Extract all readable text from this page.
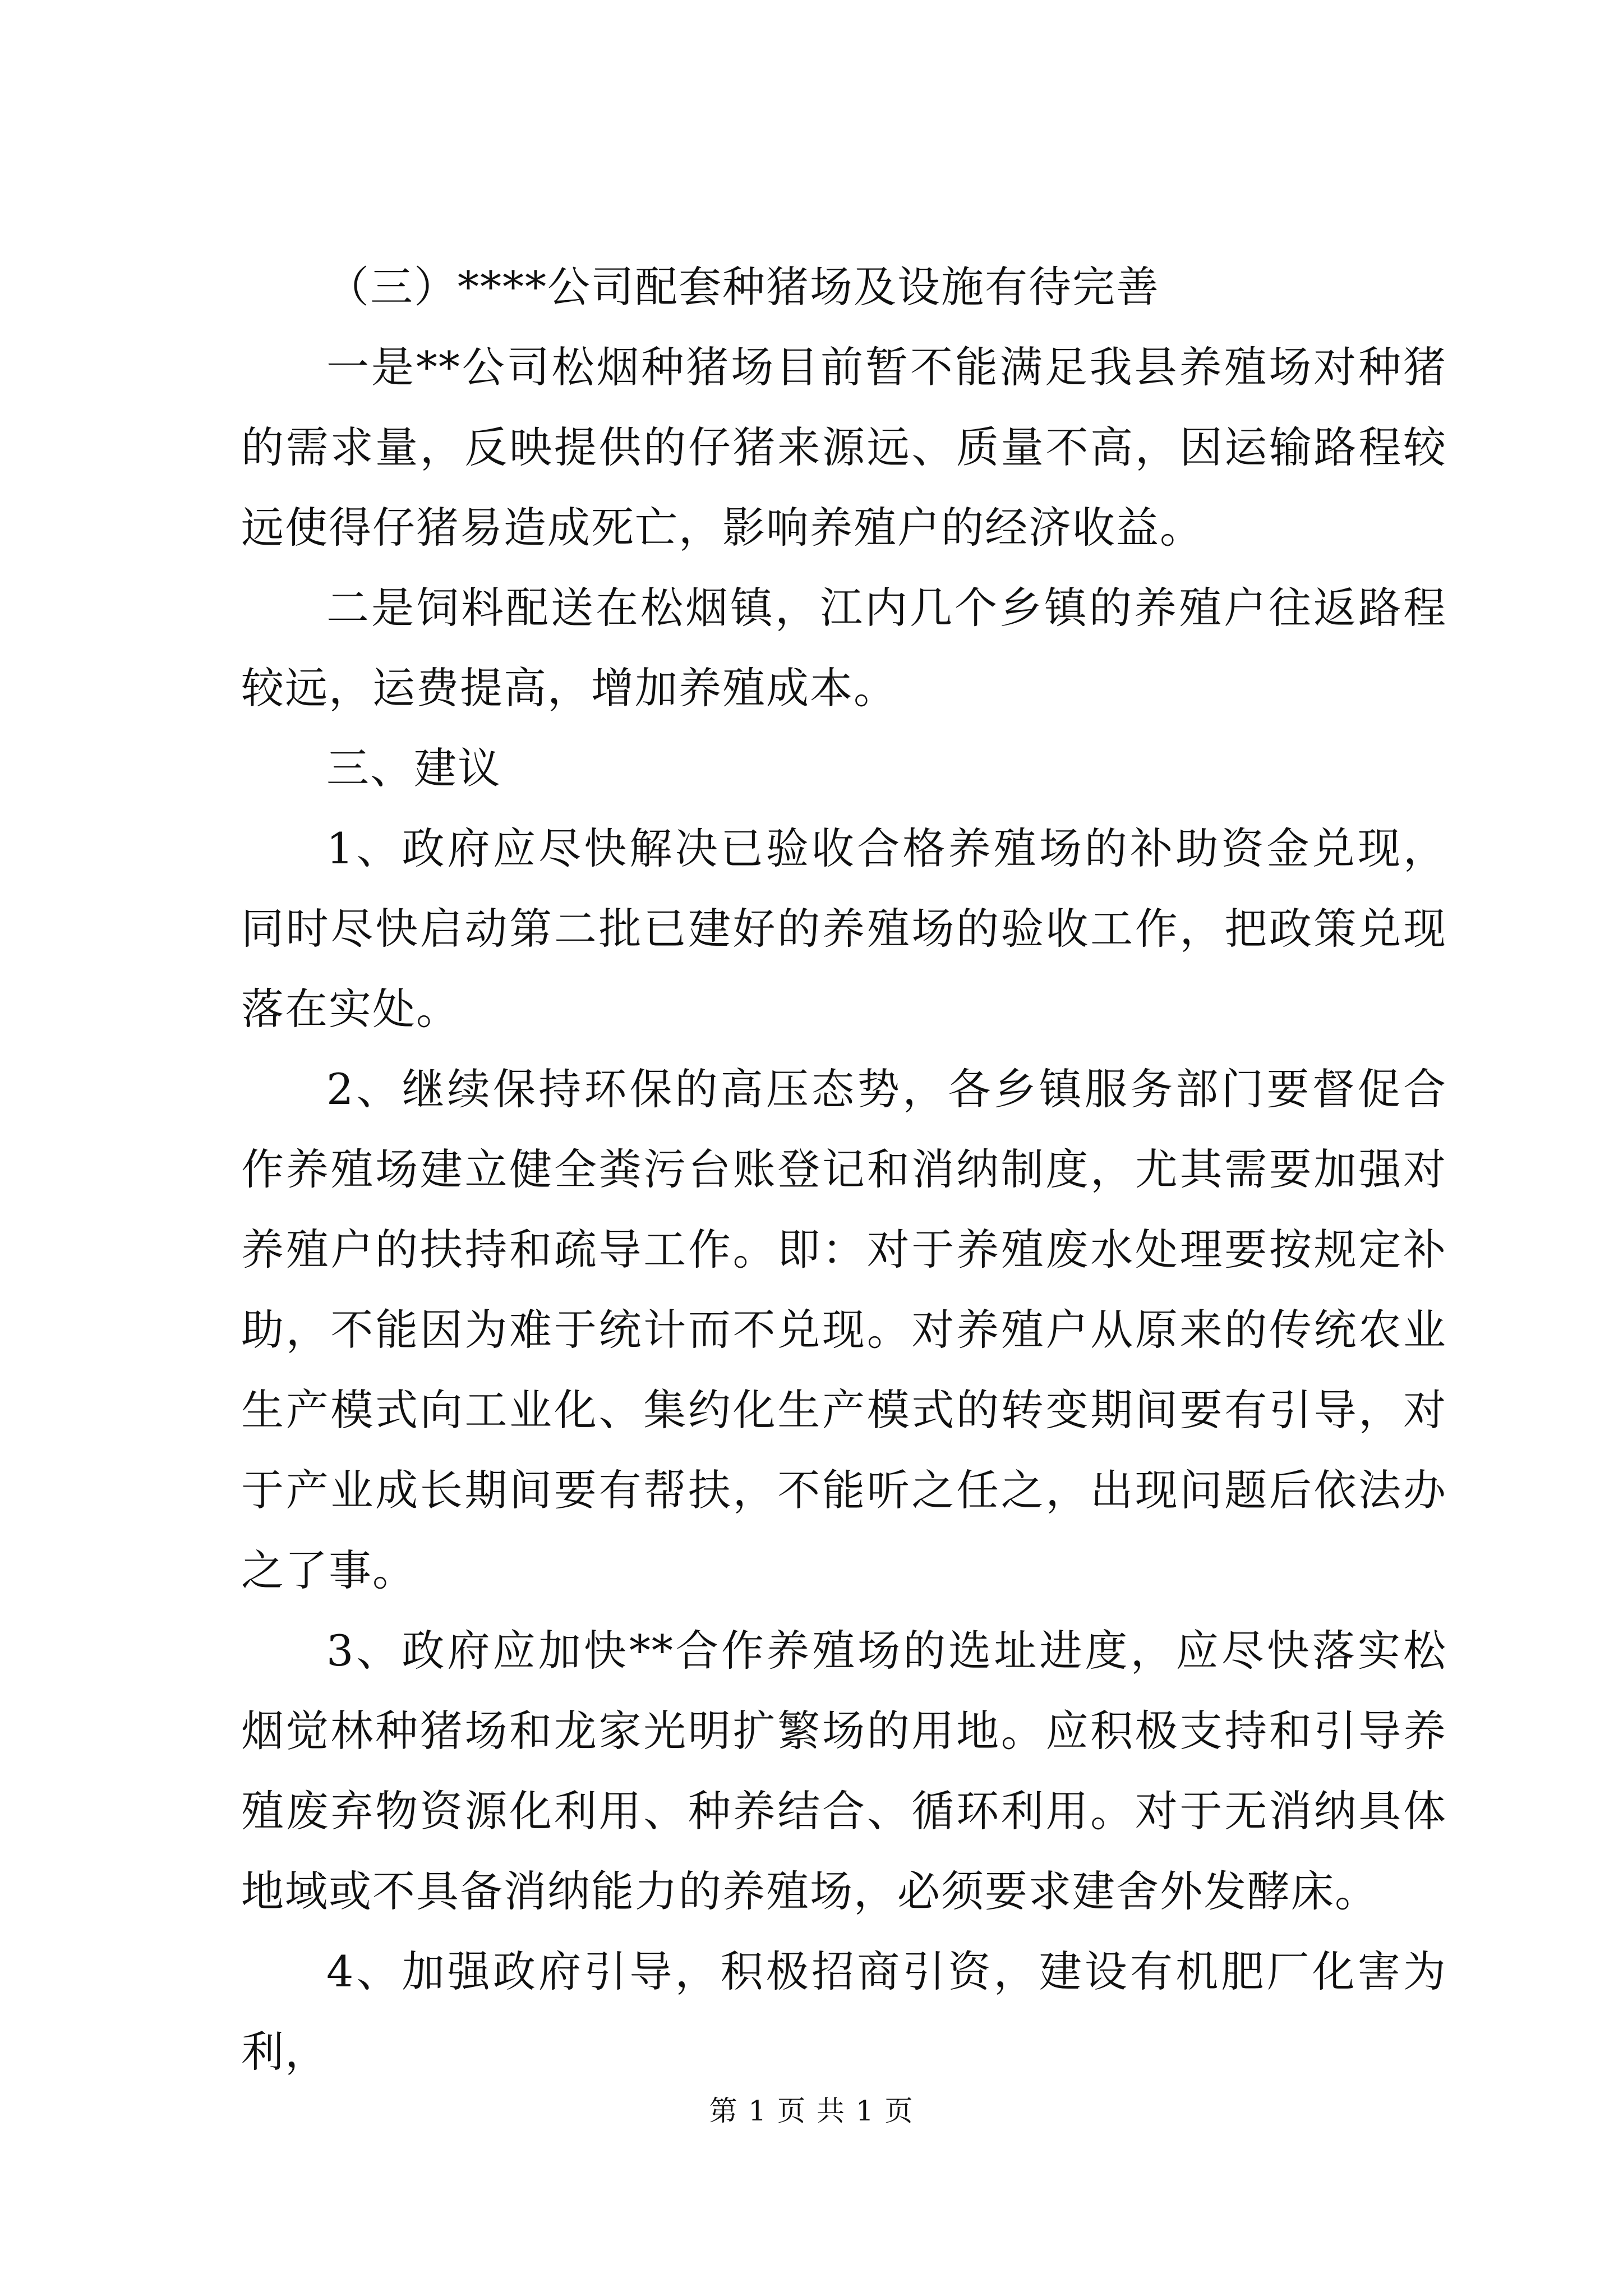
（三）****公司配套种猪场及设施有待完善

一是**公司松烟种猪场目前暂不能满足我县养殖场对种猪的需求量，反映提供的仔猪来源远、质量不高，因运输路程较远使得仔猪易造成死亡，影响养殖户的经济收益。

二是饲料配送在松烟镇，江内几个乡镇的养殖户往返路程较远，运费提高，增加养殖成本。

三、建议

1、政府应尽快解决已验收合格养殖场的补助资金兑现，同时尽快启动第二批已建好的养殖场的验收工作，把政策兑现落在实处。

2、继续保持环保的高压态势，各乡镇服务部门要督促合作养殖场建立健全粪污台账登记和消纳制度，尤其需要加强对养殖户的扶持和疏导工作。即：对于养殖废水处理要按规定补助，不能因为难于统计而不兑现。对养殖户从原来的传统农业生产模式向工业化、集约化生产模式的转变期间要有引导，对于产业成长期间要有帮扶，不能听之任之，出现问题后依法办之了事。

3、政府应加快**合作养殖场的选址进度，应尽快落实松烟觉林种猪场和龙家光明扩繁场的用地。应积极支持和引导养殖废弃物资源化利用、种养结合、循环利用。对于无消纳具体地域或不具备消纳能力的养殖场，必须要求建舍外发酵床。

4、加强政府引导，积极招商引资，建设有机肥厂化害为利，

第 1 页 共 1 页
